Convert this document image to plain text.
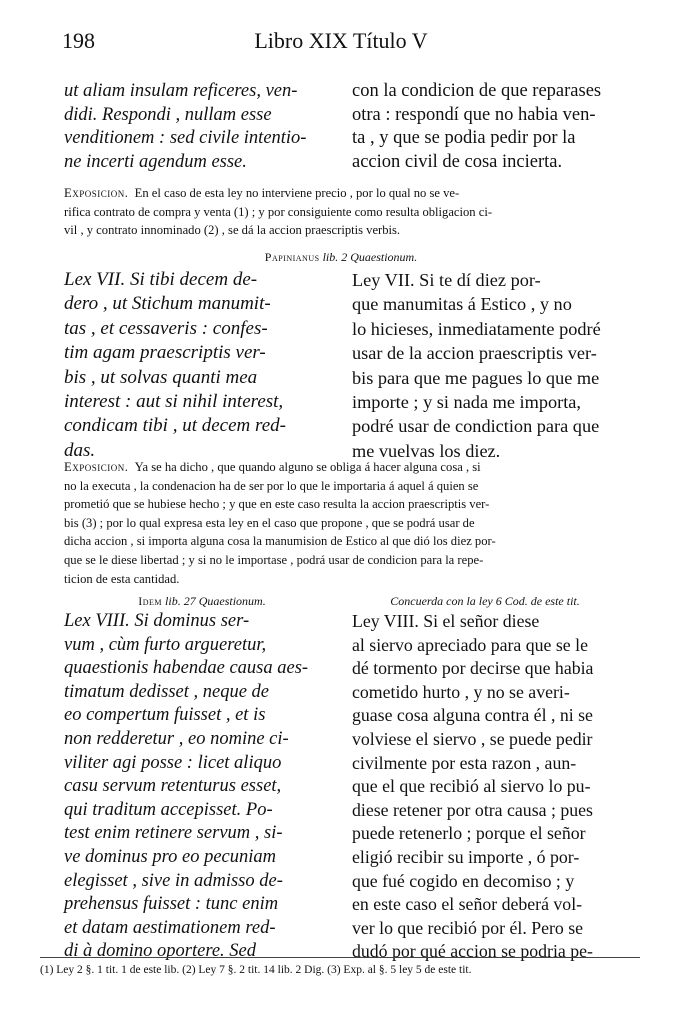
198	Libro XIX Título V
ut aliam insulam reficeres, ven-
didi. Respondi , nullam esse
venditionem : sed civile intentio-
ne incerti agendum esse.
con la condicion de que reparases
otra : respondí que no habia ven-
ta , y que se podia pedir por la
accion civil de cosa incierta.
Exposicion. En el caso de esta ley no interviene precio , por lo qual no se ve-
rifica contrato de compra y venta (1) ; y por consiguiente como resulta obligacion ci-
vil , y contrato innominado (2) , se dá la accion praescriptis verbis.
Papinianus lib. 2 Quaestionum.
Lex VII. Si tibi decem de-
dero , ut Stichum manumit-
tas , et cessaveris : confes-
tim agam praescriptis ver-
bis , ut solvas quanti mea
interest : aut si nihil interest,
condicam tibi , ut decem red-
das.
Ley VII. Si te dí diez por-
que manumitas á Estico , y no
lo hicieses, inmediatamente podré
usar de la accion praescriptis ver-
bis para que me pagues lo que me
importe ; y si nada me importa,
podré usar de condiction para que
me vuelvas los diez.
Exposicion. Ya se ha dicho , que quando alguno se obliga á hacer alguna cosa , si
no la executa , la condenacion ha de ser por lo que le importaria á aquel á quien se
prometió que se hubiese hecho ; y que en este caso resulta la accion praescriptis ver-
bis (3) ; por lo qual expresa esta ley en el caso que propone , que se podrá usar de
dicha accion , si importa alguna cosa la manumision de Estico al que dió los diez por-
que se le diese libertad ; y si no le importase , podrá usar de condicion para la repe-
ticion de esta cantidad.
Idem lib. 27 Quaestionum.	Concuerda con la ley 6 Cod. de este tit.
Lex VIII. Si dominus ser-
vum , cùm furto argueretur,
quaestionis habendae causa aes-
timatum dedisset , neque de
eo compertum fuisset , et is
non redderetur , eo nomine ci-
viliter agi posse : licet aliquo
casu servum retenturus esset,
qui traditum accepisset. Po-
test enim retinere servum , si-
ve dominus pro eo pecuniam
elegisset , sive in admisso de-
prehensus fuisset : tunc enim
et datam aestimationem red-
di à domino oportere. Sed
Ley VIII. Si el señor diese
al siervo apreciado para que se le
dé tormento por decirse que habia
cometido hurto , y no se averi-
guase cosa alguna contra él , ni se
volviese el siervo , se puede pedir
civilmente por esta razon , aun-
que el que recibió al siervo lo pu-
diese retener por otra causa ; pues
puede retenerlo ; porque el señor
eligió recibir su importe , ó por-
que fué cogido en decomiso ; y
en este caso el señor deberá vol-
ver lo que recibió por él. Pero se
dudó por qué accion se podria pe-
(1) Ley 2 §. 1 tit. 1 de este lib. (2) Ley 7 §. 2 tit. 14 lib. 2 Dig. (3) Exp. al §. 5 ley 5 de este tit.
